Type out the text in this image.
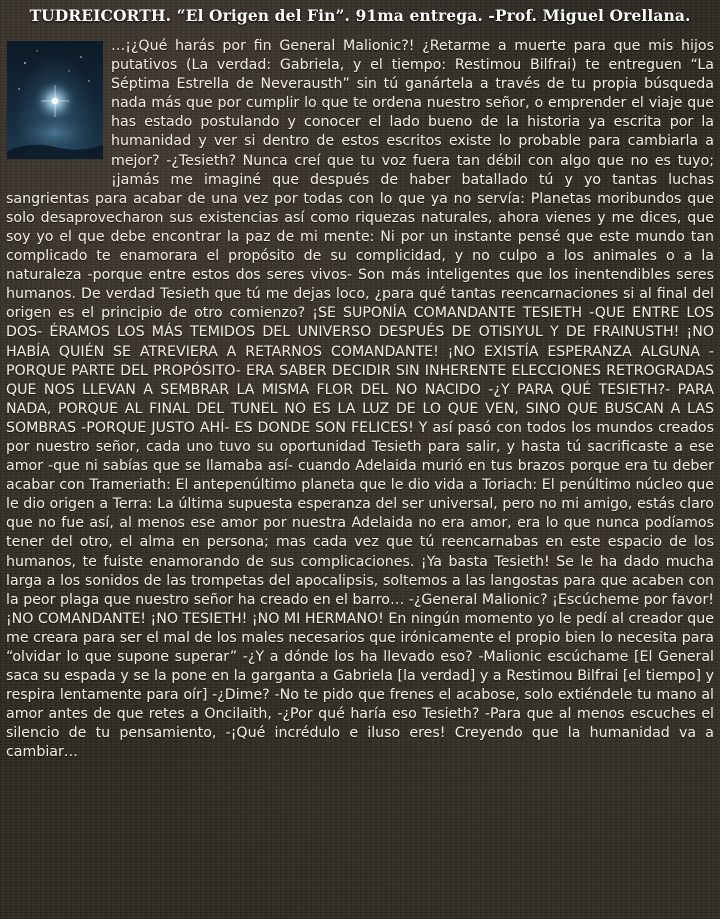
TUDREICORTH. “El Origen del Fin”. 91ma entrega. -Prof. Miguel Orellana.
…¡¿Qué harás por fin General Malionic?! ¿Retarme a muerte para que mis hijos putativos (La verdad: Gabriela, y el tiempo: Restimou Bilfrai) te entreguen “La Séptima Estrella de Neverausth” sin tú ganártela a través de tu propia búsqueda nada más que por cumplir lo que te ordena nuestro señor, o emprender el viaje que has estado postulando y conocer el lado bueno de la historia ya escrita por la humanidad y ver si dentro de estos escritos existe lo probable para cambiarla a mejor? -¿Tesieth? Nunca creí que tu voz fuera tan débil con algo que no es tuyo; ¡jamás me imaginé que después de haber batallado tú y yo tantas luchas sangrientas para acabar de una vez por todas con lo que ya no servía: Planetas moribundos que solo desaprovecharon sus existencias así como riquezas naturales, ahora vienes y me dices, que soy yo el que debe encontrar la paz de mi mente: Ni por un instante pensé que este mundo tan complicado te enamorara el propósito de su complicidad, y no culpo a los animales o a la naturaleza -porque entre estos dos seres vivos- Son más inteligentes que los inentendibles seres humanos. De verdad Tesieth que tú me dejas loco, ¿para qué tantas reencarnaciones si al final del origen es el principio de otro comienzo? ¡SE SUPONÍA COMANDANTE TESIETH -QUE ENTRE LOS DOS- ÉRAMOS LOS MÁS TEMIDOS DEL UNIVERSO DESPUÉS DE OTISIYUL Y DE FRAINUSTH! ¡NO HABÍA QUIÉN SE ATREVIERA A RETARNOS COMANDANTE! ¡NO EXISTÍA ESPERANZA ALGUNA -PORQUE PARTE DEL PROPÓSITO- ERA SABER DECIDIR SIN INHERENTE ELECCIONES RETROGRADAS QUE NOS LLEVAN A SEMBRAR LA MISMA FLOR DEL NO NACIDO -¿Y PARA QUÉ TESIETH?- PARA NADA, PORQUE AL FINAL DEL TUNEL NO ES LA LUZ DE LO QUE VEN, SINO QUE BUSCAN A LAS SOMBRAS -PORQUE JUSTO AHÍ- ES DONDE SON FELICES! Y así pasó con todos los mundos creados por nuestro señor, cada uno tuvo su oportunidad Tesieth para salir, y hasta tú sacrificaste a ese amor -que ni sabías que se llamaba así- cuando Adelaida murió en tus brazos porque era tu deber acabar con Trameriath: El antepenúltimo planeta que le dio vida a Toriach: El penúltimo núcleo que le dio origen a Terra: La última supuesta esperanza del ser universal, pero no mi amigo, estás claro que no fue así, al menos ese amor por nuestra Adelaida no era amor, era lo que nunca podíamos tener del otro, el alma en persona; mas cada vez que tú reencarnabas en este espacio de los humanos, te fuiste enamorando de sus complicaciones. ¡Ya basta Tesieth! Se le ha dado mucha larga a los sonidos de las trompetas del apocalipsis, soltemos a las langostas para que acaben con la peor plaga que nuestro señor ha creado en el barro… -¿General Malionic? ¡Escúcheme por favor! ¡NO COMANDANTE! ¡NO TESIETH! ¡NO MI HERMANO! En ningún momento yo le pedí al creador que me creara para ser el mal de los males necesarios que irónicamente el propio bien lo necesita para “olvidar lo que supone superar” -¿Y a dónde los ha llevado eso? -Malionic escúchame [El General saca su espada y se la pone en la garganta a Gabriela [la verdad] y a Restimou Bilfrai [el tiempo] y respira lentamente para oír] -¿Dime? -No te pido que frenes el acabose, solo extiéndele tu mano al amor antes de que retes a Oncilaith, -¿Por qué haría eso Tesieth? -Para que al menos escuches el silencio de tu pensamiento, -¡Qué incrédulo e iluso eres! Creyendo que la humanidad va a cambiar…
